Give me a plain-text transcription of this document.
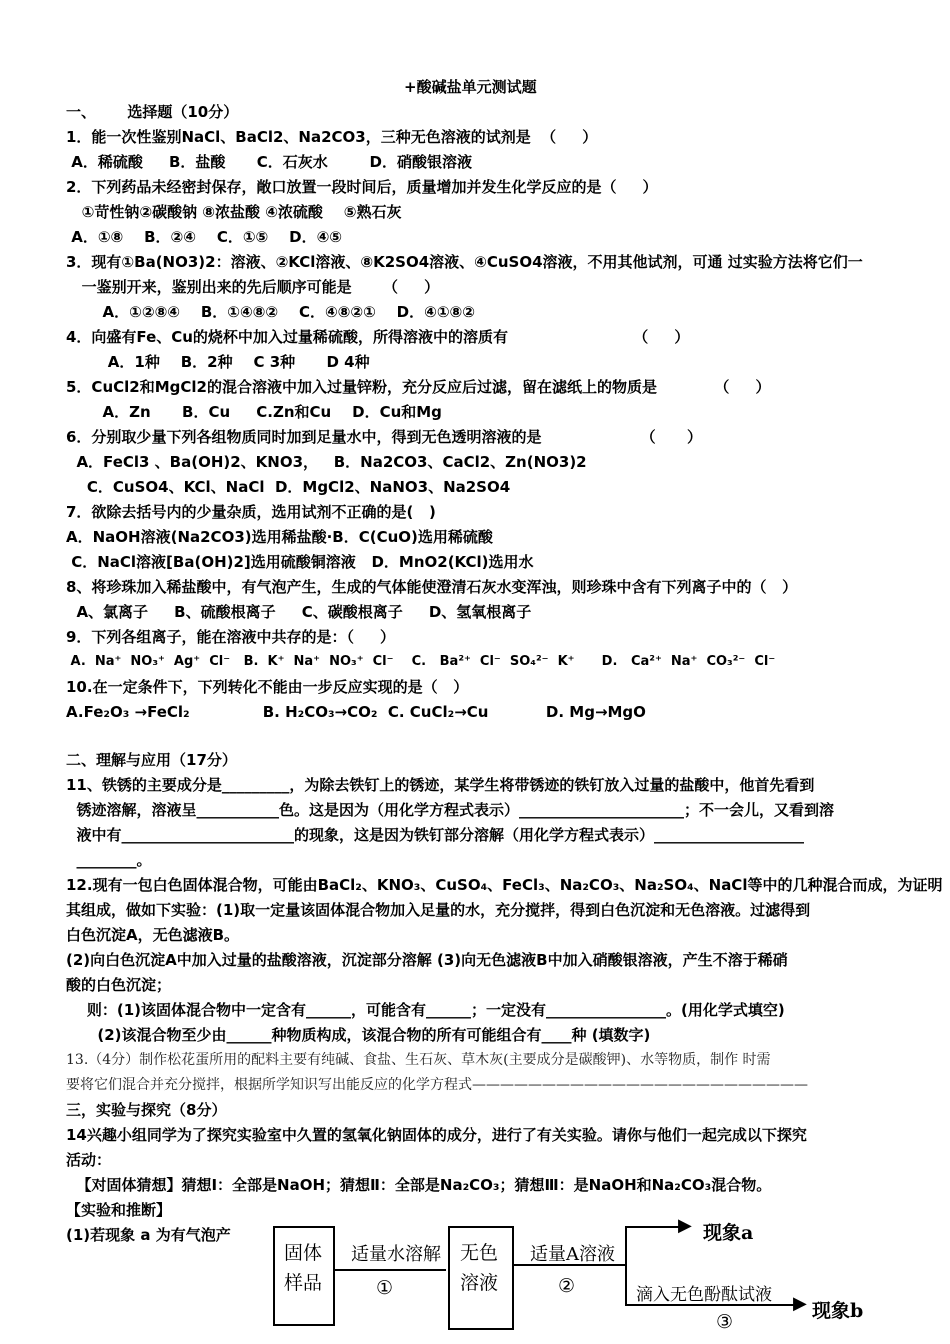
+酸碱盐单元测试题
一、      选择题（10分）
1．能一次性鉴别NaCl、BaCl2、Na2CO3，三种无色溶液的试剂是  （     ）
A．稀硫酸     B．盐酸      C．石灰水        D．硝酸银溶液
2．下列药品未经密封保存，敞口放置一段时间后，质量增加并发生化学反应的是（     ）
①苛性钠②碳酸钠 ⑧浓盐酸 ④浓硫酸    ⑤熟石灰
A．①⑧    B．②④    C．①⑤    D．④⑤
3．现有①Ba(NO3)2：溶液、②KCl溶液、⑧K2SO4溶液、④CuSO4溶液，不用其他试剂，可通 过实验方法将它们一
一鉴别开来，鉴别出来的先后顺序可能是      （     ）
A．①②⑧④    B．①④⑧②    C．④⑧②①    D．④①⑧②
4．向盛有Fe、Cu的烧杯中加入过量稀硫酸，所得溶液中的溶质有                        （     ）
A．1种    B．2种    C 3种      D 4种
5．CuCl2和MgCl2的混合溶液中加入过量锌粉，充分反应后过滤，留在滤纸上的物质是           （     ）
A．Zn      B．Cu     C.Zn和Cu    D．Cu和Mg
6．分别取少量下列各组物质同时加到足量水中，得到无色透明溶液的是                   （      ）
A．FeCl3 、Ba(OH)2、KNO3，   B．Na2CO3、CaCl2、Zn(NO3)2
C．CuSO4、KCl、NaCl  D．MgCl2、NaNO3、Na2SO4
7．欲除去括号内的少量杂质，选用试剂不正确的是(   )
A．NaOH溶液(Na2CO3)选用稀盐酸·B．C(CuO)选用稀硫酸
C．NaCl溶液[Ba(OH)2]选用硫酸铜溶液   D．MnO2(KCl)选用水
8、将珍珠加入稀盐酸中，有气泡产生，生成的气体能使澄清石灰水变浑浊，则珍珠中含有下列离子中的（   ）
A、氯离子     B、硫酸根离子     C、碳酸根离子     D、氢氧根离子
9．下列各组离子，能在溶液中共存的是：（     ）
A.  Na⁺  NO₃⁺  Ag⁺  Cl⁻   B.  K⁺  Na⁺  NO₃⁺  Cl⁻    C.   Ba²⁺  Cl⁻  SO₄²⁻  K⁺      D.   Ca²⁺  Na⁺  CO₃²⁻  Cl⁻
10.在一定条件下，下列转化不能由一步反应实现的是（   ）
A.Fe₂O₃ →FeCl₂              B. H₂CO₃→CO₂  C. CuCl₂→Cu           D. Mg→MgO
二、理解与应用（17分）
11、铁锈的主要成分是_________，为除去铁钉上的锈迹，某学生将带锈迹的铁钉放入过量的盐酸中，他首先看到
锈迹溶解，溶液呈___________色。这是因为（用化学方程式表示）______________________；不一会儿，又看到溶
液中有_______________________的现象，这是因为铁钉部分溶解（用化学方程式表示）____________________
________。
12.现有一包白色固体混合物，可能由BaCl₂、KNO₃、CuSO₄、FeCl₃、Na₂CO₃、Na₂SO₄、NaCl等中的几种混合而成，为证明
其组成，做如下实验：(1)取一定量该固体混合物加入足量的水，充分搅拌，得到白色沉淀和无色溶液。过滤得到
白色沉淀A，无色滤液B。
(2)向白色沉淀A中加入过量的盐酸溶液，沉淀部分溶解 (3)向无色滤液B中加入硝酸银溶液，产生不溶于稀硝
酸的白色沉淀；
则：(1)该固体混合物中一定含有______，可能含有______；一定没有________________。(用化学式填空)
(2)该混合物至少由______种物质构成，该混合物的所有可能组合有____种 (填数字)
13.（4分）制作松花蛋所用的配料主要有纯碱、食盐、生石灰、草木灰(主要成分是碳酸钾)、水等物质，制作 时需
要将它们混合并充分搅拌，根据所学知识写出能反应的化学方程式————————————————————————
三，实验与探究（8分）
14兴趣小组同学为了探究实验室中久置的氢氧化钠固体的成分，进行了有关实验。请你与他们一起完成以下探究
活动：
【对固体猜想】猜想Ⅰ：全部是NaOH；猜想Ⅱ：全部是Na₂CO₃；猜想Ⅲ：是NaOH和Na₂CO₃混合物。
【实验和推断】
(1)若现象 a 为有气泡产
固体
样品
适量水溶解
①
无色
溶液
适量A溶液
▶
②
现象a
滴入无色酚酞试液 ▶
③	现象b
